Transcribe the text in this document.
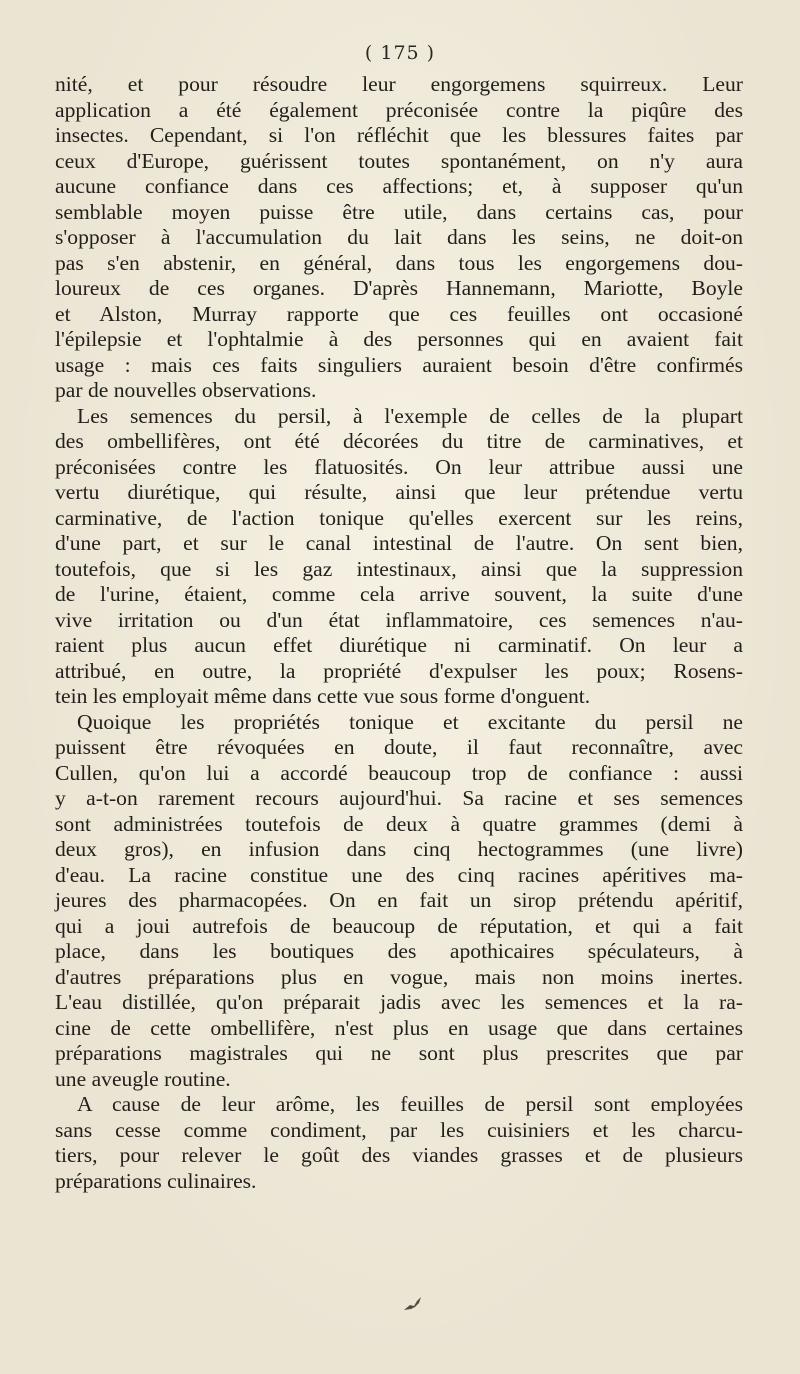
( 175 )
nité, et pour résoudre leur engorgemens squirreux. Leur
application a été également préconisée contre la piqûre des
insectes. Cependant, si l'on réfléchit que les blessures faites par
ceux d'Europe, guérissent toutes spontanément, on n'y aura
aucune confiance dans ces affections; et, à supposer qu'un
semblable moyen puisse être utile, dans certains cas, pour
s'opposer à l'accumulation du lait dans les seins, ne doit-on
pas s'en abstenir, en général, dans tous les engorgemens dou-
loureux de ces organes. D'après Hannemann, Mariotte, Boyle
et Alston, Murray rapporte que ces feuilles ont occasioné
l'épilepsie et l'ophtalmie à des personnes qui en avaient fait
usage : mais ces faits singuliers auraient besoin d'être confirmés
par de nouvelles observations.
Les semences du persil, à l'exemple de celles de la plupart
des ombellifères, ont été décorées du titre de carminatives, et
préconisées contre les flatuosités. On leur attribue aussi une
vertu diurétique, qui résulte, ainsi que leur prétendue vertu
carminative, de l'action tonique qu'elles exercent sur les reins,
d'une part, et sur le canal intestinal de l'autre. On sent bien,
toutefois, que si les gaz intestinaux, ainsi que la suppression
de l'urine, étaient, comme cela arrive souvent, la suite d'une
vive irritation ou d'un état inflammatoire, ces semences n'au-
raient plus aucun effet diurétique ni carminatif. On leur a
attribué, en outre, la propriété d'expulser les poux; Rosens-
tein les employait même dans cette vue sous forme d'onguent.
Quoique les propriétés tonique et excitante du persil ne
puissent être révoquées en doute, il faut reconnaître, avec
Cullen, qu'on lui a accordé beaucoup trop de confiance : aussi
y a-t-on rarement recours aujourd'hui. Sa racine et ses semences
sont administrées toutefois de deux à quatre grammes (demi à
deux gros), en infusion dans cinq hectogrammes (une livre)
d'eau. La racine constitue une des cinq racines apéritives ma-
jeures des pharmacopées. On en fait un sirop prétendu apéritif,
qui a joui autrefois de beaucoup de réputation, et qui a fait
place, dans les boutiques des apothicaires spéculateurs, à
d'autres préparations plus en vogue, mais non moins inertes.
L'eau distillée, qu'on préparait jadis avec les semences et la ra-
cine de cette ombellifère, n'est plus en usage que dans certaines
préparations magistrales qui ne sont plus prescrites que par
une aveugle routine.
A cause de leur arôme, les feuilles de persil sont employées
sans cesse comme condiment, par les cuisiniers et les charcu-
tiers, pour relever le goût des viandes grasses et de plusieurs
préparations culinaires.
